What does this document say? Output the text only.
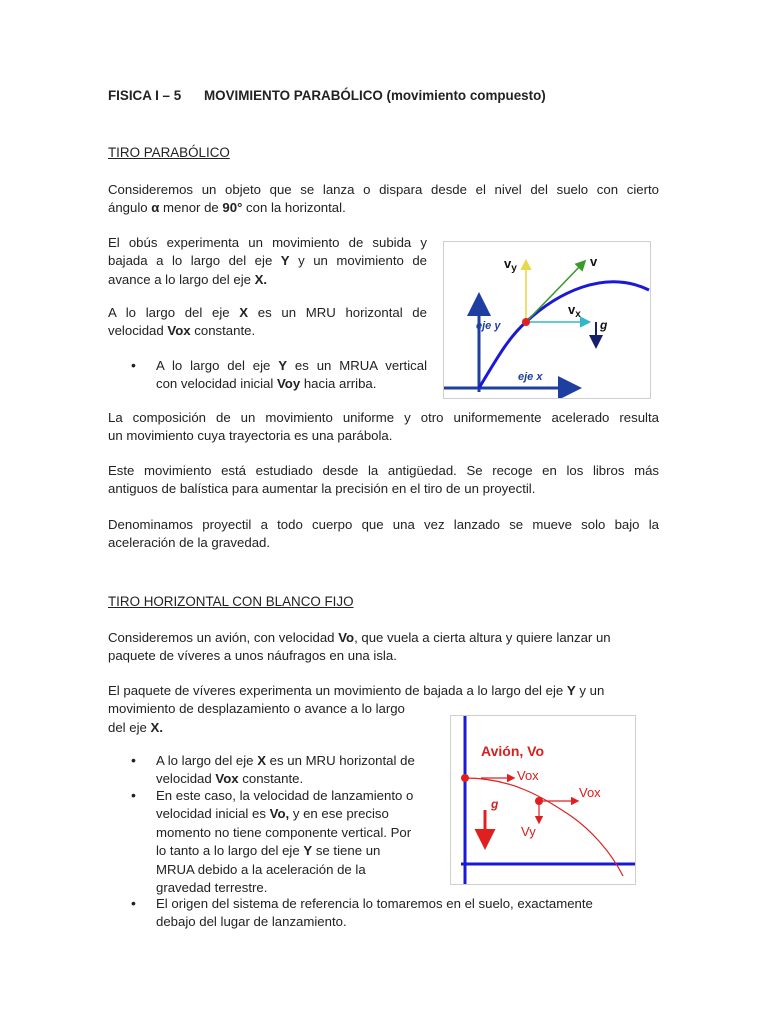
FISICA I – 5 MOVIMIENTO PARABÓLICO (movimiento compuesto)
TIRO PARABÓLICO
Consideremos un objeto que se lanza o dispara desde el nivel del suelo con cierto
ángulo α menor de 90° con la horizontal.
El obús experimenta un movimiento de subida y
bajada a lo largo del eje Y y un movimiento de
avance a lo largo del eje X.
A lo largo del eje X es un MRU horizontal de
velocidad Vox constante.
• A lo largo del eje Y es un MRUA vertical
con velocidad inicial Voy hacia arriba.
$v_y$	v
$v_x$
g
eje y
eje x
La composición de un movimiento uniforme y otro uniformemente acelerado resulta
un movimiento cuya trayectoria es una parábola.
Este movimiento está estudiado desde la antigüedad. Se recoge en los libros más
antiguos de balística para aumentar la precisión en el tiro de un proyectil.
Denominamos proyectil a todo cuerpo que una vez lanzado se mueve solo bajo la
aceleración de la gravedad.
TIRO HORIZONTAL CON BLANCO FIJO
Consideremos un avión, con velocidad Vo, que vuela a cierta altura y quiere lanzar un
paquete de víveres a unos náufragos en una isla.
El paquete de víveres experimenta un movimiento de bajada a lo largo del eje Y y un
movimiento de desplazamiento o avance a lo largo
del eje X.
• A lo largo del eje X es un MRU horizontal de
velocidad Vox constante.
• En este caso, la velocidad de lanzamiento o
velocidad inicial es Vo, y en ese preciso
momento no tiene componente vertical. Por
lo tanto a lo largo del eje Y se tiene un
MRUA debido a la aceleración de la
gravedad terrestre.
• El origen del sistema de referencia lo tomaremos en el suelo, exactamente
debajo del lugar de lanzamiento.
Avión, Vo
Vox
Vox
g
Vy
